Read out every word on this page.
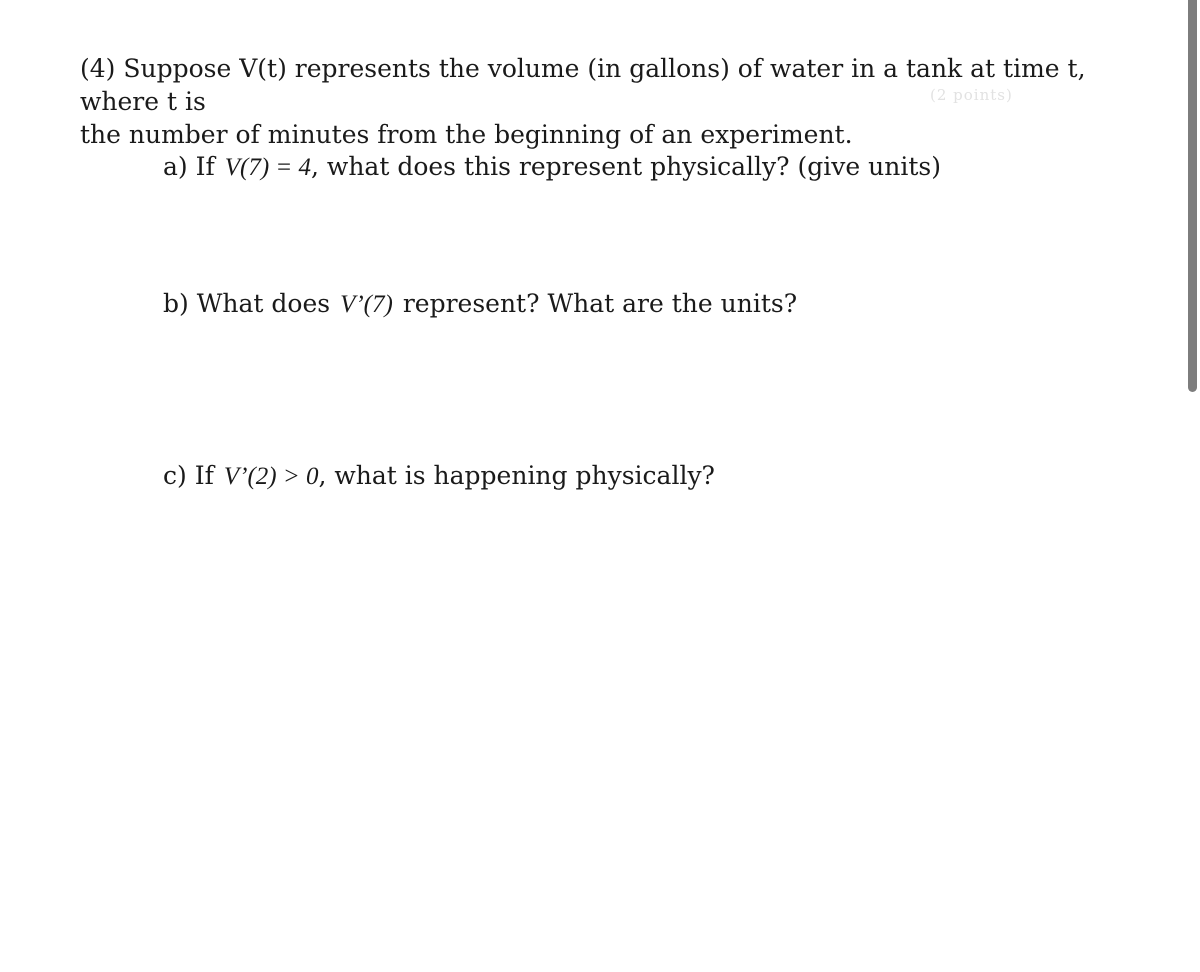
(4) Suppose V(t) represents the volume (in gallons) of water in a tank at time t, where t is
the number of minutes from the beginning of an experiment.
(2 points)
a) If V(7) = 4, what does this represent physically? (give units)
b) What does V’(7) represent? What are the units?
c) If V’(2) > 0, what is happening physically?
